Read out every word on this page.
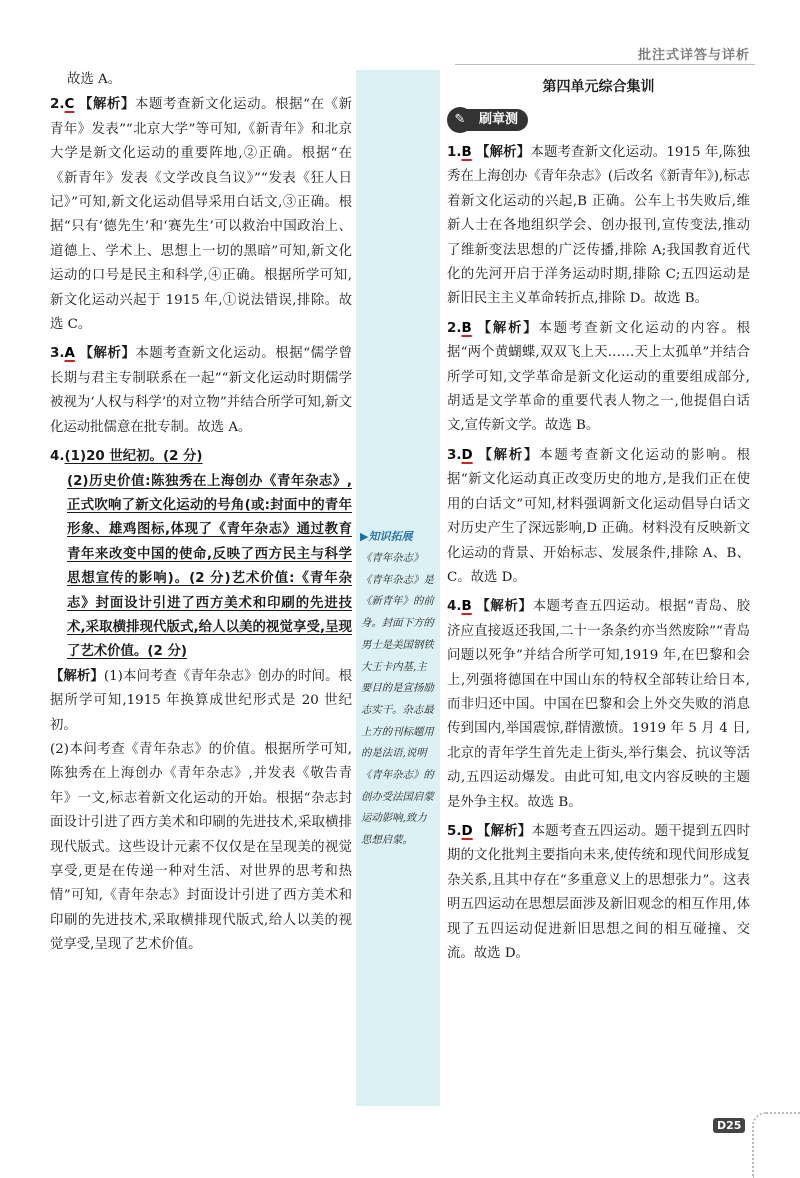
批注式详答与详析

故选 A。

2.C 【解析】本题考查新文化运动。根据“在《新青年》发表”“北京大学”等可知,《新青年》和北京大学是新文化运动的重要阵地,②正确。根据“在《新青年》发表《文学改良刍议》”“发表《狂人日记》”可知,新文化运动倡导采用白话文,③正确。根据“只有‘德先生’和‘赛先生’可以救治中国政治上、道德上、学术上、思想上一切的黑暗”可知,新文化运动的口号是民主和科学,④正确。根据所学可知,新文化运动兴起于 1915 年,①说法错误,排除。故选 C。

3.A 【解析】本题考查新文化运动。根据“儒学曾长期与君主专制联系在一起”“新文化运动时期儒学被视为‘人权与科学’的对立物”并结合所学可知,新文化运动批儒意在批专制。故选 A。

4.(1)20 世纪初。(2 分)

(2)历史价值:陈独秀在上海创办《青年杂志》,正式吹响了新文化运动的号角(或:封面中的青年形象、雄鸡图标,体现了《青年杂志》通过教育青年来改变中国的使命,反映了西方民主与科学思想宣传的影响)。(2 分)艺术价值:《青年杂志》封面设计引进了西方美术和印刷的先进技术,采取横排现代版式,给人以美的视觉享受,呈现了艺术价值。(2 分)

【解析】(1)本问考查《青年杂志》创办的时间。根据所学可知,1915 年换算成世纪形式是 20 世纪初。

(2)本问考查《青年杂志》的价值。根据所学可知,陈独秀在上海创办《青年杂志》,并发表《敬告青年》一文,标志着新文化运动的开始。根据“杂志封面设计引进了西方美术和印刷的先进技术,采取横排现代版式。这些设计元素不仅仅是在呈现美的视觉享受,更是在传递一种对生活、对世界的思考和热情”可知,《青年杂志》封面设计引进了西方美术和印刷的先进技术,采取横排现代版式,给人以美的视觉享受,呈现了艺术价值。

▶知识拓展
《青年杂志》《青年杂志》是《新青年》的前身。封面下方的男士是美国钢铁大王卡内基,主要目的是宣扬励志实干。杂志最上方的刊标题用的是法语,说明《青年杂志》的创办受法国启蒙运动影响,致力思想启蒙。
第四单元综合集训
✎	刷章测

1.B 【解析】本题考查新文化运动。1915 年,陈独秀在上海创办《青年杂志》(后改名《新青年》),标志着新文化运动的兴起,B 正确。公车上书失败后,维新人士在各地组织学会、创办报刊,宣传变法,推动了维新变法思想的广泛传播,排除 A;我国教育近代化的先河开启于洋务运动时期,排除 C;五四运动是新旧民主主义革命转折点,排除 D。故选 B。

2.B 【解析】本题考查新文化运动的内容。根据“两个黄蝴蝶,双双飞上天……天上太孤单”并结合所学可知,文学革命是新文化运动的重要组成部分,胡适是文学革命的重要代表人物之一,他提倡白话文,宣传新文学。故选 B。

3.D 【解析】本题考查新文化运动的影响。根据“新文化运动真正改变历史的地方,是我们正在使用的白话文”可知,材料强调新文化运动倡导白话文对历史产生了深远影响,D 正确。材料没有反映新文化运动的背景、开始标志、发展条件,排除 A、B、C。故选 D。

4.B 【解析】本题考查五四运动。根据“青岛、胶济应直接返还我国,二十一条条约亦当然废除”“青岛问题以死争”并结合所学可知,1919 年,在巴黎和会上,列强将德国在中国山东的特权全部转让给日本,而非归还中国。中国在巴黎和会上外交失败的消息传到国内,举国震惊,群情激愤。1919 年 5 月 4 日,北京的青年学生首先走上街头,举行集会、抗议等活动,五四运动爆发。由此可知,电文内容反映的主题是外争主权。故选 B。

5.D 【解析】本题考查五四运动。题干提到五四时期的文化批判主要指向未来,使传统和现代间形成复杂关系,且其中存在“多重意义上的思想张力”。这表明五四运动在思想层面涉及新旧观念的相互作用,体现了五四运动促进新旧思想之间的相互碰撞、交流。故选 D。

D25
